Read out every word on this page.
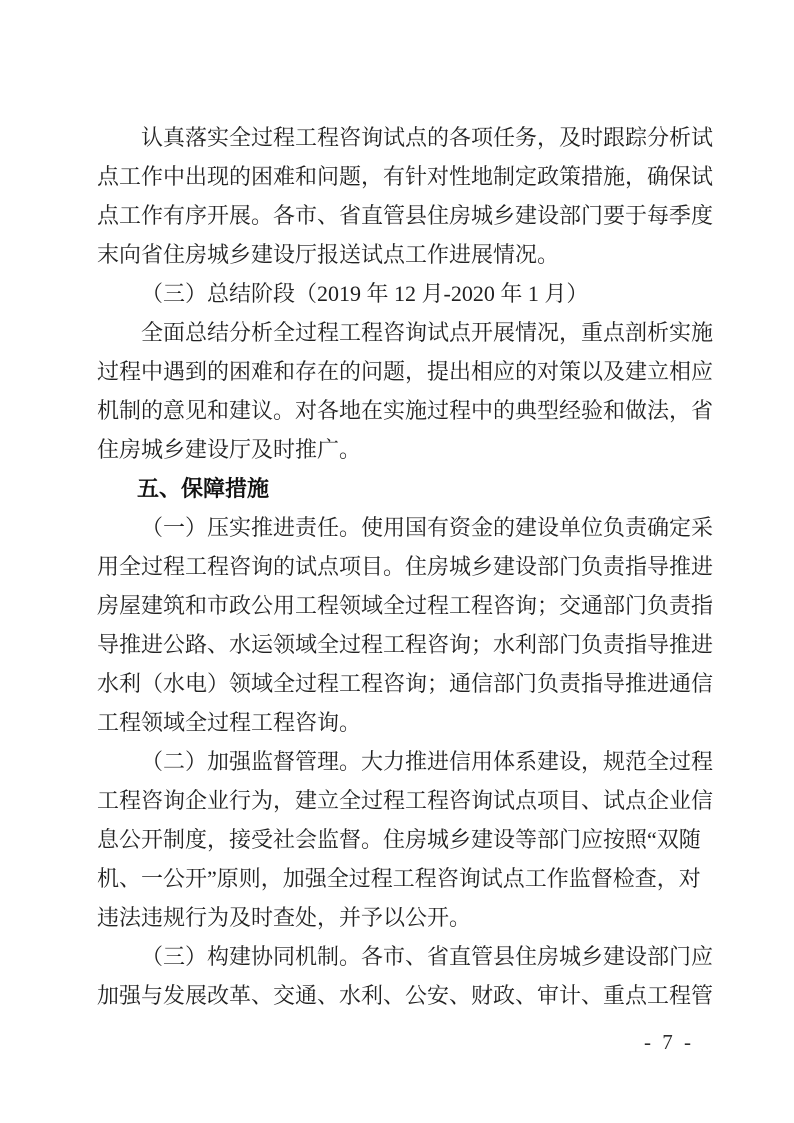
认真落实全过程工程咨询试点的各项任务，及时跟踪分析试
点工作中出现的困难和问题，有针对性地制定政策措施，确保试
点工作有序开展。各市、省直管县住房城乡建设部门要于每季度
末向省住房城乡建设厅报送试点工作进展情况。
（三）总结阶段（2019 年 12 月-2020 年 1 月）
全面总结分析全过程工程咨询试点开展情况，重点剖析实施
过程中遇到的困难和存在的问题，提出相应的对策以及建立相应
机制的意见和建议。对各地在实施过程中的典型经验和做法，省
住房城乡建设厅及时推广。
五、保障措施
（一）压实推进责任。使用国有资金的建设单位负责确定采
用全过程工程咨询的试点项目。住房城乡建设部门负责指导推进
房屋建筑和市政公用工程领域全过程工程咨询；交通部门负责指
导推进公路、水运领域全过程工程咨询；水利部门负责指导推进
水利（水电）领域全过程工程咨询；通信部门负责指导推进通信
工程领域全过程工程咨询。
（二）加强监督管理。大力推进信用体系建设，规范全过程
工程咨询企业行为，建立全过程工程咨询试点项目、试点企业信
息公开制度，接受社会监督。住房城乡建设等部门应按照“双随
机、一公开”原则，加强全过程工程咨询试点工作监督检查，对
违法违规行为及时查处，并予以公开。
（三）构建协同机制。各市、省直管县住房城乡建设部门应
加强与发展改革、交通、水利、公安、财政、审计、重点工程管
- 7 -
